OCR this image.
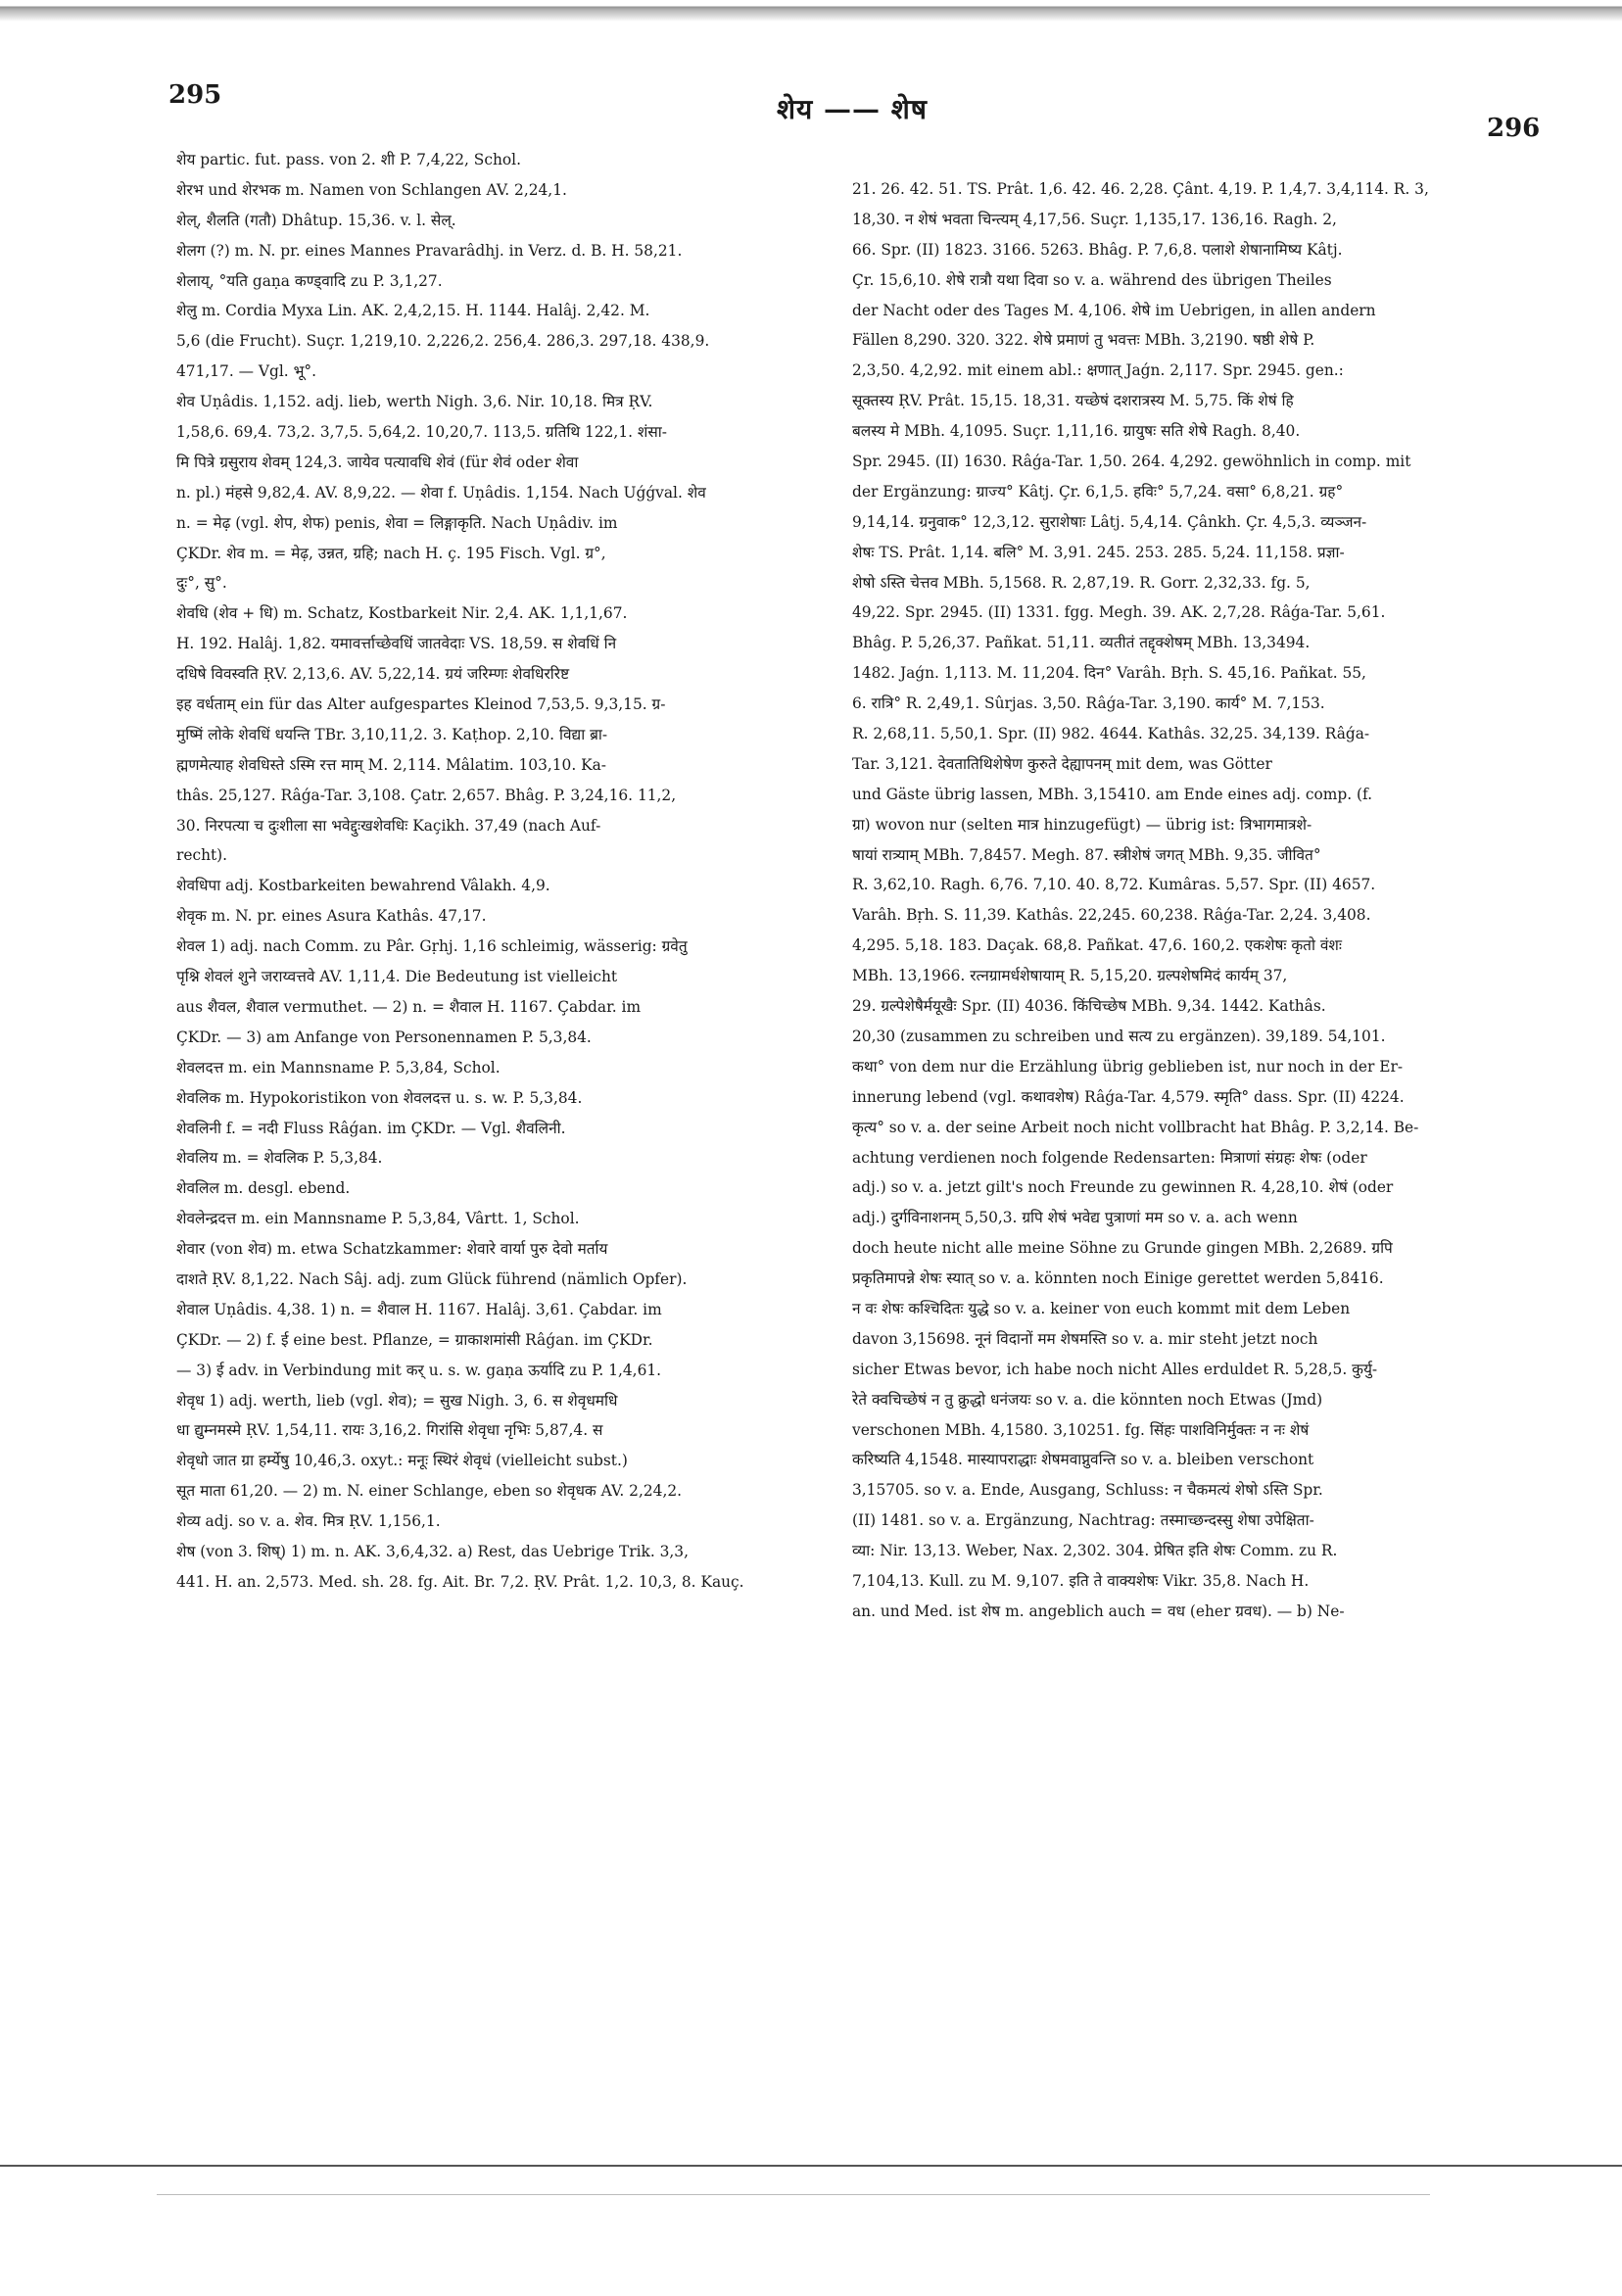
295	शेय —— शेष
296
शेय partic. fut. pass. von 2. शी P. 7,4,22, Schol.
शेरभ und शेरभक m. Namen von Schlangen AV. 2,24,1.
शेल्, शैलति (गतौ) Dhâtup. 15,36. v. l. सेल्.
शेलग (?) m. N. pr. eines Mannes Pravarâdhj. in Verz. d. B. H. 58,21.
शेलाय्, °यति gaṇa कण्ड्वादि zu P. 3,1,27.
शेलु m. Cordia Myxa Lin. AK. 2,4,2,15. H. 1144. Halâj. 2,42. M.
5,6 (die Frucht). Suçr. 1,219,10. 2,226,2. 256,4. 286,3. 297,18. 438,9.
471,17. — Vgl. भू°.
शेव Uṇâdis. 1,152. adj. lieb, werth Nigh. 3,6. Nir. 10,18. मित्र ṚV.
1,58,6. 69,4. 73,2. 3,7,5. 5,64,2. 10,20,7. 113,5. ग्रतिथि 122,1. शंसा-
मि पित्रे ग्रसुराय शेवम् 124,3. जायेव पत्यावधि शेवं (für शेवं oder शेवा
n. pl.) मंहसे 9,82,4. AV. 8,9,22. — शेवा f. Uṇâdis. 1,154. Nach Uǵǵval. शेव
n. = मेढ़ (vgl. शेप, शेफ) penis, शेवा = लिङ्गाकृति. Nach Uṇâdiv. im
ÇKDr. शेव m. = मेढ़, उन्नत, ग्रहि; nach H. ç. 195 Fisch. Vgl. ग्र°,
दुः°, सु°.
शेवधि (शेव + धि) m. Schatz, Kostbarkeit Nir. 2,4. AK. 1,1,1,67.
H. 192. Halâj. 1,82. यमावर्त्ताच्छेवधिं जातवेदाः VS. 18,59. स शेवधिं नि
दधिषे विवस्वति ṚV. 2,13,6. AV. 5,22,14. ग्रयं जरिम्णः शेवधिररिष्ट
इह वर्धताम् ein für das Alter aufgespartes Kleinod 7,53,5. 9,3,15. ग्र-
मुष्मिं लोके शेवधिं धयन्ति TBr. 3,10,11,2. 3. Kaṭhop. 2,10. विद्या ब्रा-
ह्मणमेत्याह शेवधिस्ते ऽस्मि रत्त माम् M. 2,114. Mâlatim. 103,10. Ka-
thâs. 25,127. Râǵa-Tar. 3,108. Çatr. 2,657. Bhâg. P. 3,24,16. 11,2,
30. निरपत्या च दुःशीला सा भवेद्दुःखशेवधिः Kaçikh. 37,49 (nach Auf-
recht).
शेवधिपा adj. Kostbarkeiten bewahrend Vâlakh. 4,9.
शेवृक m. N. pr. eines Asura Kathâs. 47,17.
शेवल 1) adj. nach Comm. zu Pâr. Gṛhj. 1,16 schleimig, wässerig: ग्रवेतु
पृश्नि शेवलं शुने जराय्वत्तवे AV. 1,11,4. Die Bedeutung ist vielleicht
aus शैवल, शैवाल vermuthet. — 2) n. = शैवाल H. 1167. Çabdar. im
ÇKDr. — 3) am Anfange von Personennamen P. 5,3,84.
शेवलदत्त m. ein Mannsname P. 5,3,84, Schol.
शेवलिक m. Hypokoristikon von शेवलदत्त u. s. w. P. 5,3,84.
शेवलिनी f. = नदी Fluss Râǵan. im ÇKDr. — Vgl. शैवलिनी.
शेवलिय m. = शेवलिक P. 5,3,84.
शेवलिल m. desgl. ebend.
शेवलेन्द्रदत्त m. ein Mannsname P. 5,3,84, Vârtt. 1, Schol.
शेवार (von शेव) m. etwa Schatzkammer: शेवारे वार्या पुरु देवो मर्ताय
दाशते ṚV. 8,1,22. Nach Sâj. adj. zum Glück führend (nämlich Opfer).
शेवाल Uṇâdis. 4,38. 1) n. = शैवाल H. 1167. Halâj. 3,61. Çabdar. im
ÇKDr. — 2) f. ई eine best. Pflanze, = ग्राकाशमांसी Râǵan. im ÇKDr.
— 3) ई adv. in Verbindung mit कर् u. s. w. gaṇa ऊर्यादि zu P. 1,4,61.
शेवृध 1) adj. werth, lieb (vgl. शेव); = सुख Nigh. 3, 6. स शेवृधमधि
धा द्युम्नमस्मे ṚV. 1,54,11. रायः 3,16,2. गिरांसि शेवृधा नृभिः 5,87,4. स
शेवृधो जात ग्रा हर्म्येषु 10,46,3. oxyt.: मनूः स्थिरं शेवृधं (vielleicht subst.)
सूत माता 61,20. — 2) m. N. einer Schlange, eben so शेवृधक AV. 2,24,2.
शेव्य adj. so v. a. शेव. मित्र ṚV. 1,156,1.
शेष (von 3. शिष्) 1) m. n. AK. 3,6,4,32. a) Rest, das Uebrige Trik. 3,3,
441. H. an. 2,573. Med. sh. 28. fg. Ait. Br. 7,2. ṚV. Prât. 1,2. 10,3, 8. Kauç.
21. 26. 42. 51. TS. Prât. 1,6. 42. 46. 2,28. Çânt. 4,19. P. 1,4,7. 3,4,114. R. 3,
18,30. न शेषं भवता चिन्त्यम् 4,17,56. Suçr. 1,135,17. 136,16. Ragh. 2,
66. Spr. (II) 1823. 3166. 5263. Bhâg. P. 7,6,8. पलाशे शेषानामिष्य Kâtj.
Çr. 15,6,10. शेषे रात्रौ यथा दिवा so v. a. während des übrigen Theiles
der Nacht oder des Tages M. 4,106. शेषे im Uebrigen, in allen andern
Fällen 8,290. 320. 322. शेषे प्रमाणं तु भवत्तः MBh. 3,2190. षष्ठी शेषे P.
2,3,50. 4,2,92. mit einem abl.: क्षणात् Jaǵn. 2,117. Spr. 2945. gen.:
सूक्तस्य ṚV. Prât. 15,15. 18,31. यच्छेषं दशरात्रस्य M. 5,75. किं शेषं हि
बलस्य मे MBh. 4,1095. Suçr. 1,11,16. ग्रायुषः सति शेषे Ragh. 8,40.
Spr. 2945. (II) 1630. Râǵa-Tar. 1,50. 264. 4,292. gewöhnlich in comp. mit
der Ergänzung: ग्राज्य° Kâtj. Çr. 6,1,5. हविः° 5,7,24. वसा° 6,8,21. ग्रह°
9,14,14. ग्रनुवाक° 12,3,12. सुराशेषाः Lâtj. 5,4,14. Çânkh. Çr. 4,5,3. व्यञ्जन-
शेषः TS. Prât. 1,14. बलि° M. 3,91. 245. 253. 285. 5,24. 11,158. प्रज्ञा-
शेषो ऽस्ति चेत्तव MBh. 5,1568. R. 2,87,19. R. Gorr. 2,32,33. fg. 5,
49,22. Spr. 2945. (II) 1331. fgg. Megh. 39. AK. 2,7,28. Râǵa-Tar. 5,61.
Bhâg. P. 5,26,37. Pañkat. 51,11. व्यतीतं तद्दृक्शेषम् MBh. 13,3494.
1482. Jaǵn. 1,113. M. 11,204. दिन° Varâh. Bṛh. S. 45,16. Pañkat. 55,
6. रात्रि° R. 2,49,1. Sûrjas. 3,50. Râǵa-Tar. 3,190. कार्य° M. 7,153.
R. 2,68,11. 5,50,1. Spr. (II) 982. 4644. Kathâs. 32,25. 34,139. Râǵa-
Tar. 3,121. देवतातिथिशेषेण कुरुते देह्यापनम् mit dem, was Götter
und Gäste übrig lassen, MBh. 3,15410. am Ende eines adj. comp. (f.
ग्रा) wovon nur (selten मात्र hinzugefügt) — übrig ist: त्रिभागमात्रशे-
षायां रात्र्याम् MBh. 7,8457. Megh. 87. स्त्रीशेषं जगत् MBh. 9,35. जीवित°
R. 3,62,10. Ragh. 6,76. 7,10. 40. 8,72. Kumâras. 5,57. Spr. (II) 4657.
Varâh. Bṛh. S. 11,39. Kathâs. 22,245. 60,238. Râǵa-Tar. 2,24. 3,408.
4,295. 5,18. 183. Daçak. 68,8. Pañkat. 47,6. 160,2. एकशेषः कृतो वंशः
MBh. 13,1966. रत्नग्रामर्धशेषायाम् R. 5,15,20. ग्रल्पशेषमिदं कार्यम् 37,
29. ग्रल्पेशेषैर्मयूखैः Spr. (II) 4036. किंचिच्छेष MBh. 9,34. 1442. Kathâs.
20,30 (zusammen zu schreiben und सत्य zu ergänzen). 39,189. 54,101.
कथा° von dem nur die Erzählung übrig geblieben ist, nur noch in der Er-
innerung lebend (vgl. कथावशेष) Râǵa-Tar. 4,579. स्मृति° dass. Spr. (II) 4224.
कृत्य° so v. a. der seine Arbeit noch nicht vollbracht hat Bhâg. P. 3,2,14. Be-
achtung verdienen noch folgende Redensarten: मित्राणां संग्रहः शेषः (oder
adj.) so v. a. jetzt gilt's noch Freunde zu gewinnen R. 4,28,10. शेषं (oder
adj.) दुर्गविनाशनम् 5,50,3. ग्रपि शेषं भवेद्य पुत्राणां मम so v. a. ach wenn
doch heute nicht alle meine Söhne zu Grunde gingen MBh. 2,2689. ग्रपि
प्रकृतिमापन्ने शेषः स्यात् so v. a. könnten noch Einige gerettet werden 5,8416.
न वः शेषः कश्चिदितः युद्धे so v. a. keiner von euch kommt mit dem Leben
davon 3,15698. नूनं विदानों मम शेषमस्ति so v. a. mir steht jetzt noch
sicher Etwas bevor, ich habe noch nicht Alles erduldet R. 5,28,5. कुर्यु-
रेते क्वचिच्छेषं न तु क्रुद्धो धनंजयः so v. a. die könnten noch Etwas (Jmd)
verschonen MBh. 4,1580. 3,10251. fg. सिंहः पाशविनिर्मुक्तः न नः शेषं
करिष्यति 4,1548. मास्यापराद्धाः शेषमवाप्नुवन्ति so v. a. bleiben verschont
3,15705. so v. a. Ende, Ausgang, Schluss: न चैकमत्यं शेषो ऽस्ति Spr.
(II) 1481. so v. a. Ergänzung, Nachtrag: तस्माच्छन्दस्सु शेषा उपेक्षिता-
व्या: Nir. 13,13. Weber, Nax. 2,302. 304. प्रेषित इति शेषः Comm. zu R.
7,104,13. Kull. zu M. 9,107. इति ते वाक्यशेषः Vikr. 35,8. Nach H.
an. und Med. ist शेष m. angeblich auch = वध (eher ग्रवध). — b) Ne-
